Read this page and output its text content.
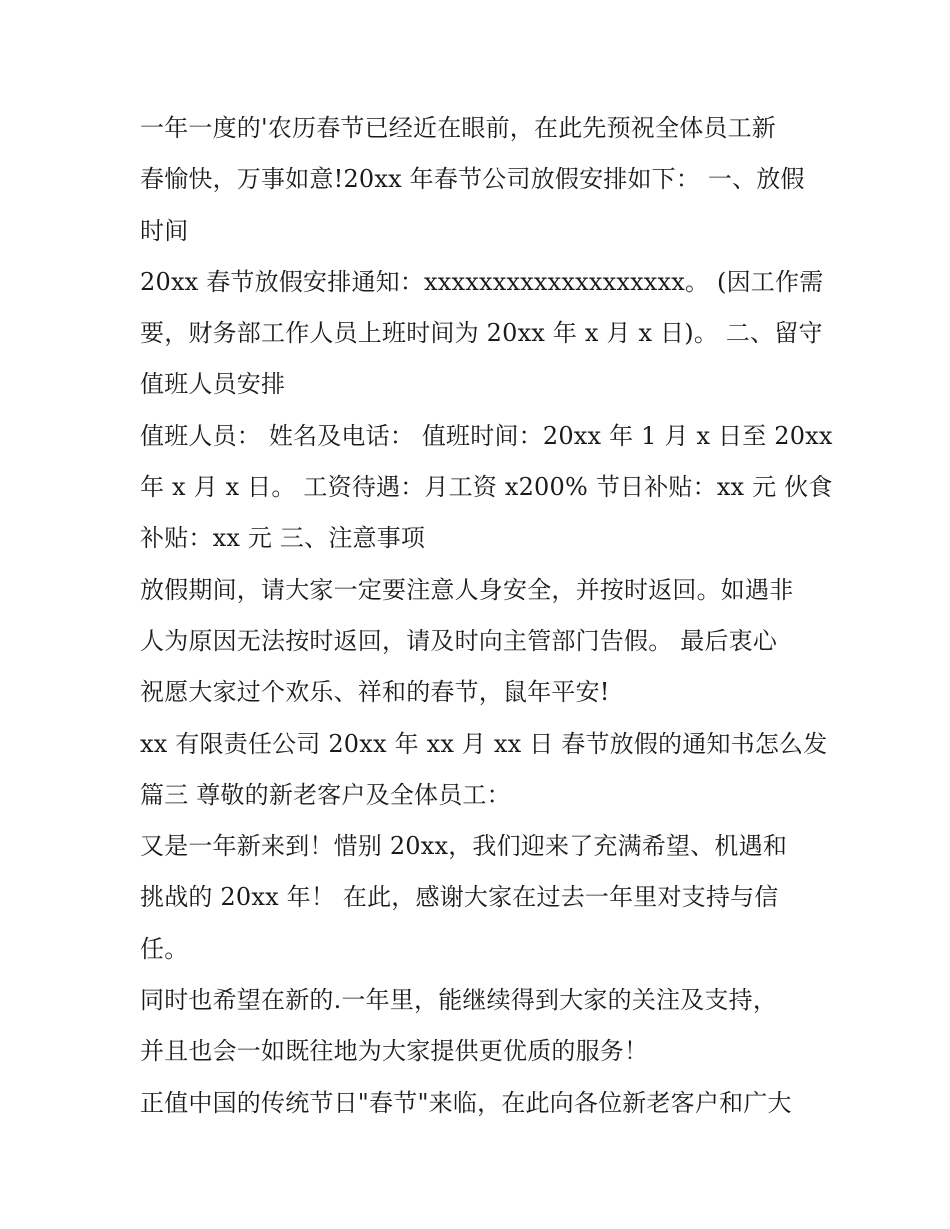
一年一度的'农历春节已经近在眼前，在此先预祝全体员工新
春愉快，万事如意!20xx 年春节公司放假安排如下： 一、放假
时间
20xx 春节放假安排通知：xxxxxxxxxxxxxxxxxxx。 (因工作需
要，财务部工作人员上班时间为 20xx 年 x 月 x 日)。 二、留守
值班人员安排
值班人员： 姓名及电话： 值班时间：20xx 年 1 月 x 日至 20xx
年 x 月 x 日。 工资待遇：月工资 x200% 节日补贴：xx 元 伙食
补贴：xx 元 三、注意事项
放假期间，请大家一定要注意人身安全，并按时返回。如遇非
人为原因无法按时返回，请及时向主管部门告假。 最后衷心
祝愿大家过个欢乐、祥和的春节，鼠年平安!
xx 有限责任公司 20xx 年 xx 月 xx 日 春节放假的通知书怎么发
篇三 尊敬的新老客户及全体员工：
又是一年新来到！惜别 20xx，我们迎来了充满希望、机遇和
挑战的 20xx 年！ 在此，感谢大家在过去一年里对支持与信
任。
同时也希望在新的.一年里，能继续得到大家的关注及支持，
并且也会一如既往地为大家提供更优质的服务！
正值中国的传统节日"春节"来临，在此向各位新老客户和广大
